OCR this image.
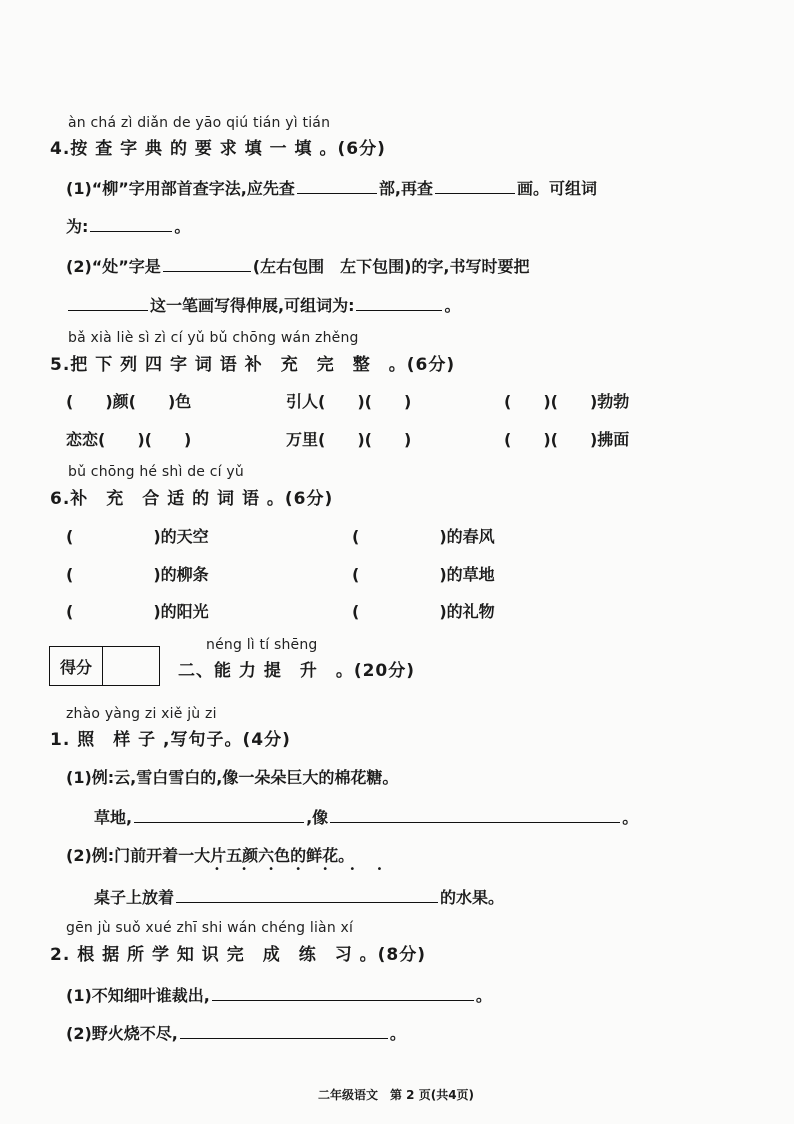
àn chá zì diǎn de yāo qiú tián yì tián
4.按 查 字 典 的 要 求 填 一 填 。(6分)
(1)“柳”字用部首查字法,应先查	部,再查	画。可组词
为:	。
(2)“处”字是	(左右包围　左下包围)的字,书写时要把
这一笔画写得伸展,可组词为:	。
bǎ xià liè sì zì cí yǔ bǔ chōng wán zhěng
5.把 下 列 四 字 词 语 补　充　完　整　。(6分)
(　　)颜(　　)色	引人(　　)(　　)	(　　)(　　)勃勃
恋恋(　　)(　　)	万里(　　)(　　)	(　　)(　　)拂面
bǔ chōng hé shì de cí yǔ
6.补　充　合 适 的 词 语 。(6分)
(　　　　　)的天空	(　　　　　)的春风
(　　　　　)的柳条	(　　　　　)的草地
(　　　　　)的阳光	(　　　　　)的礼物
得分
néng lì tí shēng
二、能 力 提　升　。(20分)
zhào yàng zi xiě jù zi
1. 照　样 子 ,写句子。(4分)
(1)例:云,雪白雪白的,像一朵朵巨大的棉花糖。
草地,	,像	。
(2)例:门前开着一大片五颜六色的鲜花。
• • • • • • •
桌子上放着	的水果。
gēn jù suǒ xué zhī shi wán chéng liàn xí
2. 根 据 所 学 知 识 完　成　练　习 。(8分)
(1)不知细叶谁裁出,	。
(2)野火烧不尽,	。
二年级语文　第 2 页(共4页)
